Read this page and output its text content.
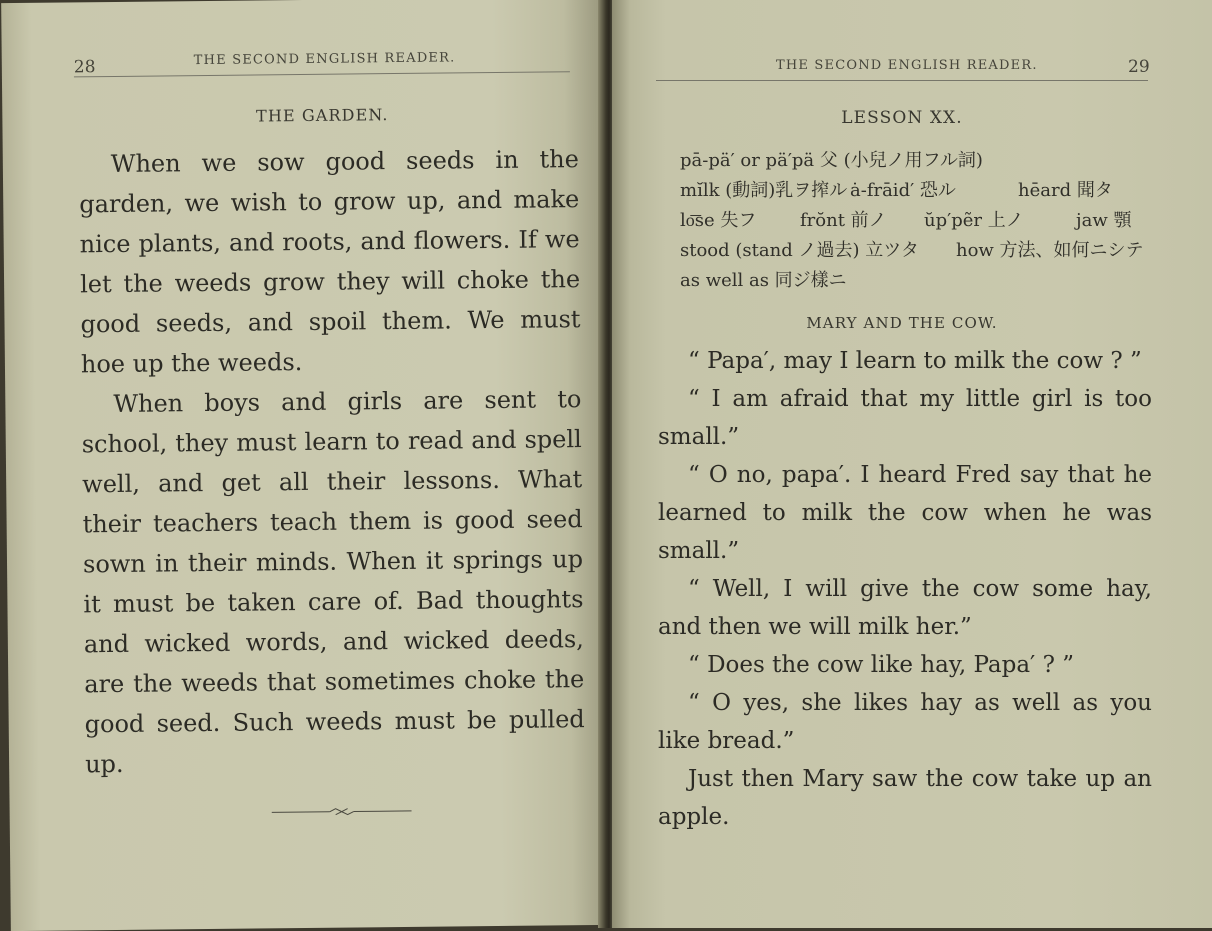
28	THE SECOND ENGLISH READER.
THE GARDEN.

When we sow good seeds in the garden, we wish to grow up, and make nice plants, and roots, and flowers. If we let the weeds grow they will choke the good seeds, and spoil them. We must hoe up the weeds.

When boys and girls are sent to school, they must learn to read and spell well, and get all their lessons. What their teachers teach them is good seed sown in their minds. When it springs up it must be taken care of. Bad thoughts and wicked words, and wicked deeds, are the weeds that sometimes choke the good seed. Such weeds must be pulled up.

THE SECOND ENGLISH READER.	29
LESSON XX.
pā-pä′ or pä′pä 父 (小兒ノ用フル詞)
mĭlk (動詞)乳ヲ搾ル ȧ-frāid′ 恐ル	hēard 聞タ
lo͞se 失フ frŏnt 前ノ ŭp′pẽr 上ノ	jaw 顎
stood (stand ノ過去) 立ツタ how 方法、如何ニシテ
as well as 同ジ樣ニ
MARY AND THE COW.

“ Papa′, may I learn to milk the cow ? ”

“ I am afraid that my little girl is too small.”

“ O no, papa′. I heard Fred say that he learned to milk the cow when he was small.”

“ Well, I will give the cow some hay, and then we will milk her.”

“ Does the cow like hay, Papa′ ? ”

“ O yes, she likes hay as well as you like bread.”

Just then Mary saw the cow take up an apple.
